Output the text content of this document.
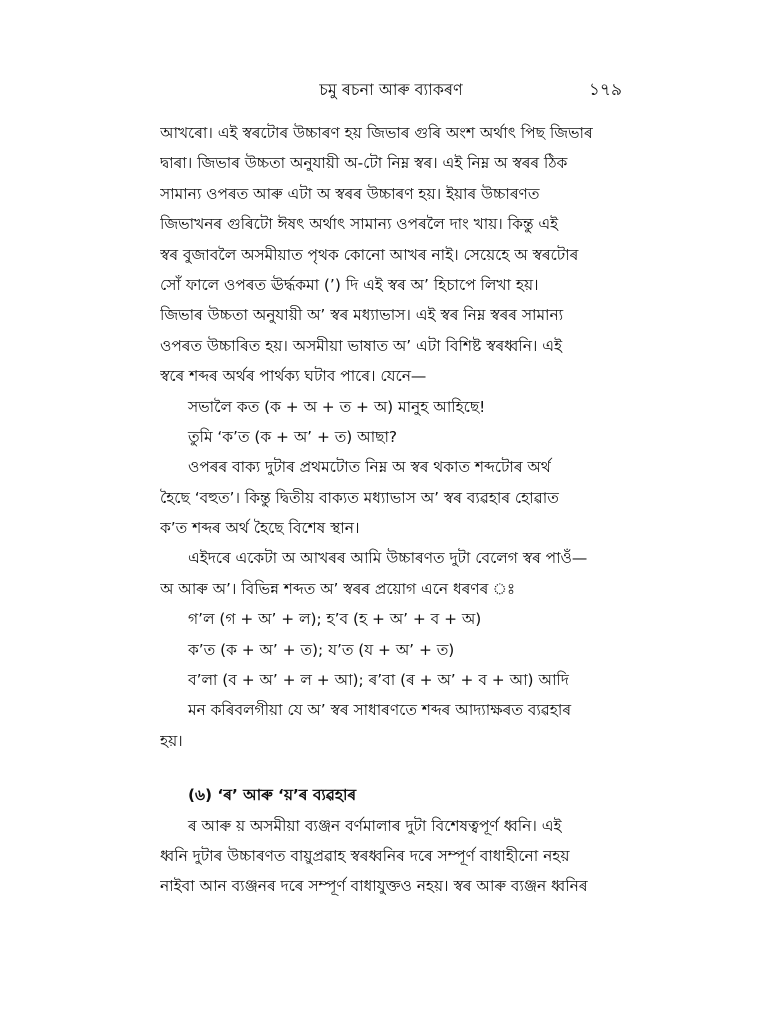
চমু ৰচনা আৰু ব্যাকৰণ	১৭৯
আখৰো। এই স্বৰটোৰ উচ্চাৰণ হয় জিভাৰ গুৰি অংশ অৰ্থাৎ পিছ জিভাৰ
দ্বাৰা। জিভাৰ উচ্চতা অনুযায়ী অ-টো নিম্ন স্বৰ। এই নিম্ন অ স্বৰৰ ঠিক
সামান্য ওপৰত আৰু এটা অ স্বৰৰ উচ্চাৰণ হয়। ইয়াৰ উচ্চাৰণত
জিভাখনৰ গুৰিটো ঈষৎ অৰ্থাৎ সামান্য ওপৰলৈ দাং খায়। কিন্তু এই
স্বৰ বুজাবলৈ অসমীয়াত পৃথক কোনো আখৰ নাই। সেয়েহে অ স্বৰটোৰ
সোঁ ফালে ওপৰত ঊৰ্দ্ধকমা (’) দি এই স্বৰ অ’ হিচাপে লিখা হয়।
জিভাৰ উচ্চতা অনুযায়ী অ’ স্বৰ মধ্যাভাস। এই স্বৰ নিম্ন স্বৰৰ সামান্য
ওপৰত উচ্চাৰিত হয়। অসমীয়া ভাষাত অ’ এটা বিশিষ্ট স্বৰধ্বনি। এই
স্বৰে শব্দৰ অৰ্থৰ পাৰ্থক্য ঘটাব পাৰে। যেনে—
সভালৈ কত (ক + অ + ত + অ) মানুহ আহিছে!
তুমি ‘ক’ত (ক + অ’ + ত) আছা?
ওপৰৰ বাক্য দুটাৰ প্ৰথমটোত নিম্ন অ স্বৰ থকাত শব্দটোৰ অৰ্থ
হৈছে ‘বহুত’। কিন্তু দ্বিতীয় বাক্যত মধ্যাভাস অ’ স্বৰ ব্যৱহাৰ হোৱাত
ক’ত শব্দৰ অৰ্থ হৈছে বিশেষ স্থান।
এইদৰে একেটা অ আখৰৰ আমি উচ্চাৰণত দুটা বেলেগ স্বৰ পাওঁ—
অ আৰু অ’। বিভিন্ন শব্দত অ’ স্বৰৰ প্ৰয়োগ এনে ধৰণৰ ঃ
গ’ল (গ + অ’ + ল); হ’ব (হ + অ’ + ব + অ)
ক’ত (ক + অ’ + ত); য’ত (য + অ’ + ত)
ব’লা (ব + অ’ + ল + আ); ৰ’বা (ৰ + অ’ + ব + আ) আদি
মন কৰিবলগীয়া যে অ’ স্বৰ সাধাৰণতে শব্দৰ আদ্যাক্ষৰত ব্যৱহাৰ
হয়।
(৬) ‘ৰ’ আৰু ‘য়’ৰ ব্যৱহাৰ
ৰ আৰু য় অসমীয়া ব্যঞ্জন বৰ্ণমালাৰ দুটা বিশেষত্বপূৰ্ণ ধ্বনি। এই
ধ্বনি দুটাৰ উচ্চাৰণত বায়ুপ্ৰৱাহ স্বৰধ্বনিৰ দৰে সম্পূৰ্ণ বাধাহীনো নহয়
নাইবা আন ব্যঞ্জনৰ দৰে সম্পূৰ্ণ বাধাযুক্তও নহয়। স্বৰ আৰু ব্যঞ্জন ধ্বনিৰ
